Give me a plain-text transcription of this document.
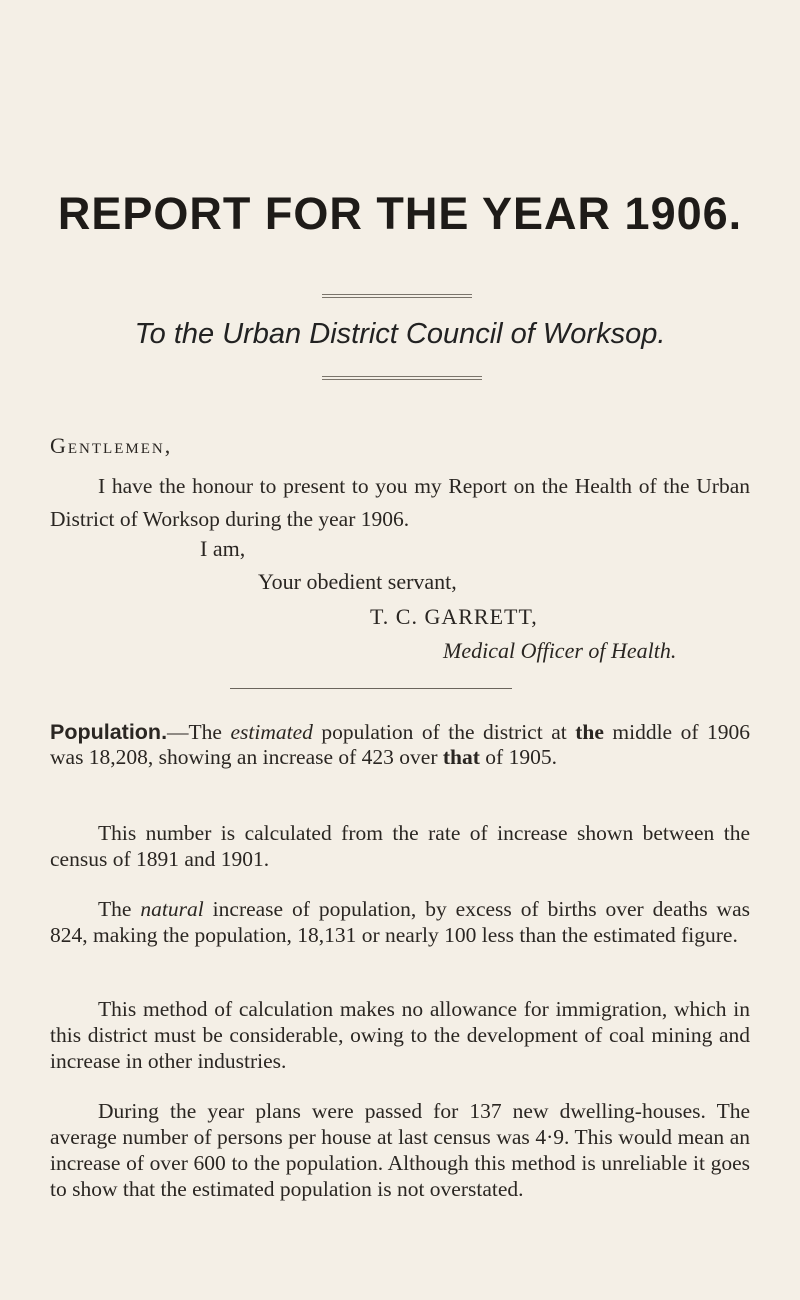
REPORT FOR THE YEAR 1906.
To the Urban District Council of Worksop.
Gentlemen,
I have the honour to present to you my Report on the Health of the Urban District of Worksop during the year 1906.
I am,
Your obedient servant,
T. C. GARRETT,
Medical Officer of Health.
Population.—The estimated population of the district at the middle of 1906 was 18,208, showing an increase of 423 over that of 1905.
This number is calculated from the rate of increase shown between the census of 1891 and 1901.
The natural increase of population, by excess of births over deaths was 824, making the population, 18,131 or nearly 100 less than the estimated figure.
This method of calculation makes no allowance for immigration, which in this district must be considerable, owing to the development of coal mining and increase in other industries.
During the year plans were passed for 137 new dwelling-houses. The average number of persons per house at last census was 4·9. This would mean an increase of over 600 to the population. Although this method is unreliable it goes to show that the estimated population is not overstated.
